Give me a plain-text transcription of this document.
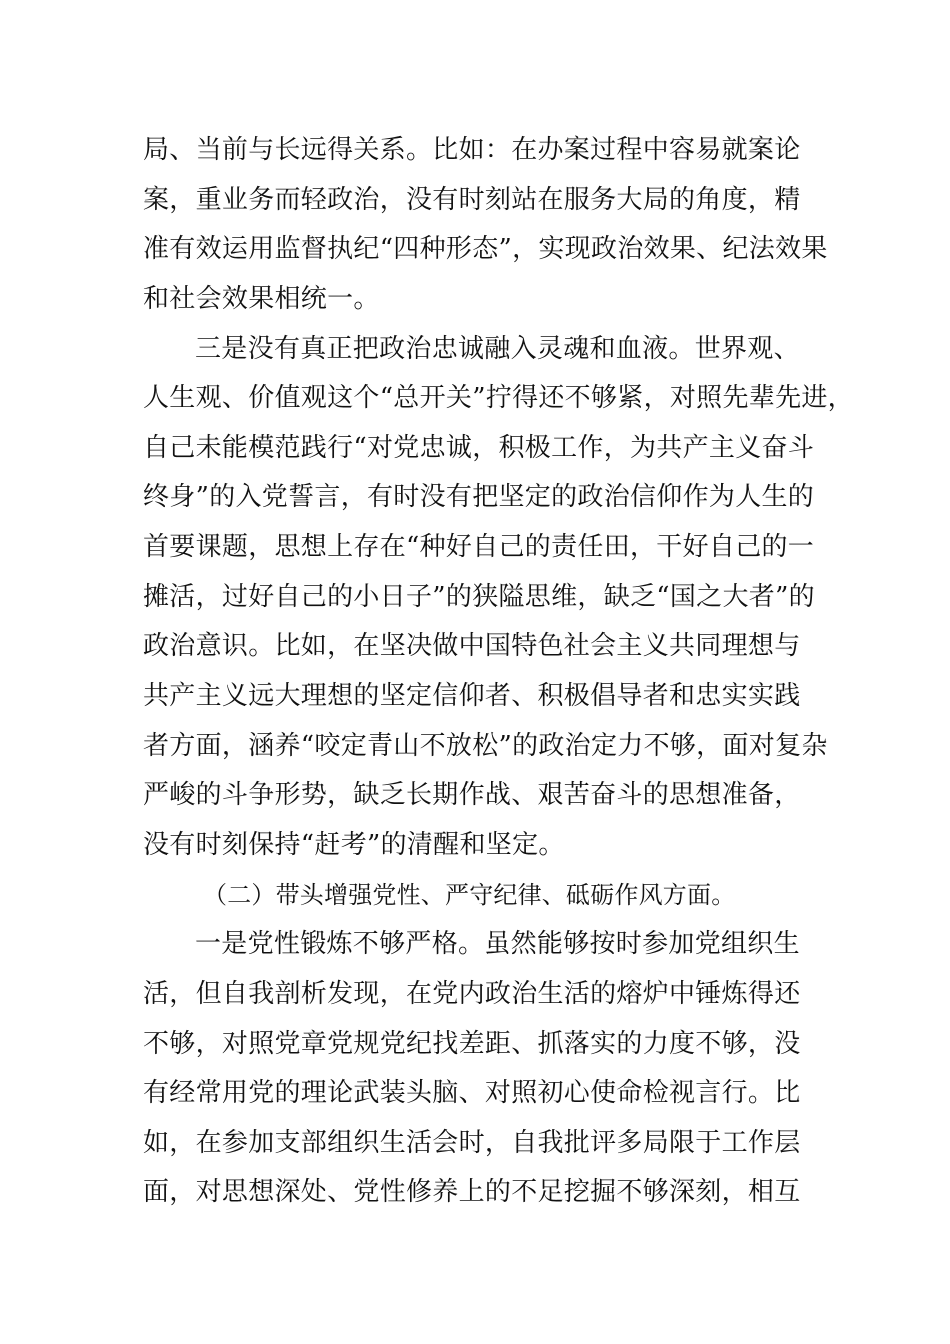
局、当前与长远得关系。比如：在办案过程中容易就案论
案，重业务而轻政治，没有时刻站在服务大局的角度，精
准有效运用监督执纪“四种形态”，实现政治效果、纪法效果
和社会效果相统一。
三是没有真正把政治忠诚融入灵魂和血液。世界观、
人生观、价值观这个“总开关”拧得还不够紧，对照先辈先进，
自己未能模范践行“对党忠诚，积极工作，为共产主义奋斗
终身”的入党誓言，有时没有把坚定的政治信仰作为人生的
首要课题，思想上存在“种好自己的责任田，干好自己的一
摊活，过好自己的小日子”的狭隘思维，缺乏“国之大者”的
政治意识。比如，在坚决做中国特色社会主义共同理想与
共产主义远大理想的坚定信仰者、积极倡导者和忠实实践
者方面，涵养“咬定青山不放松”的政治定力不够，面对复杂
严峻的斗争形势，缺乏长期作战、艰苦奋斗的思想准备，
没有时刻保持“赶考”的清醒和坚定。
（二）带头增强党性、严守纪律、砥砺作风方面。
一是党性锻炼不够严格。虽然能够按时参加党组织生
活，但自我剖析发现，在党内政治生活的熔炉中锤炼得还
不够，对照党章党规党纪找差距、抓落实的力度不够，没
有经常用党的理论武装头脑、对照初心使命检视言行。比
如，在参加支部组织生活会时，自我批评多局限于工作层
面，对思想深处、党性修养上的不足挖掘不够深刻，相互
